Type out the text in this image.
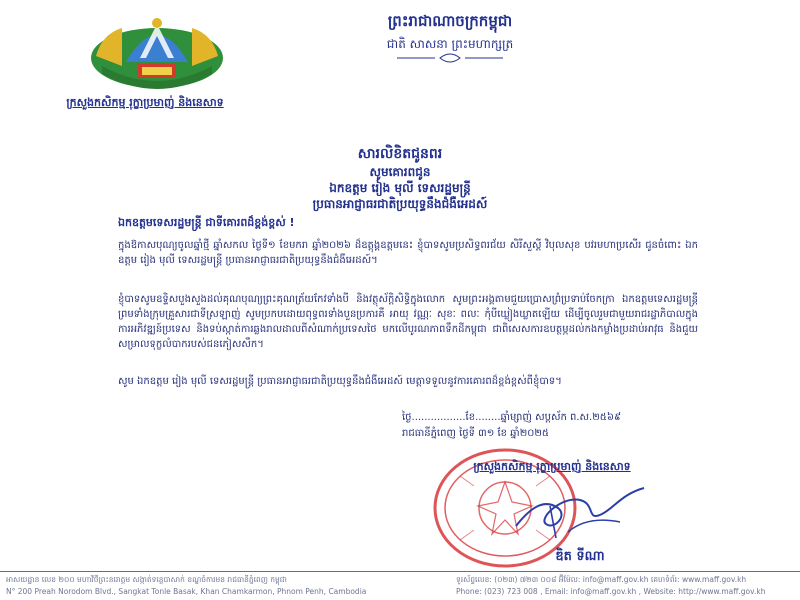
ព្រះរាជាណាចក្រកម្ពុជា
ជាតិ សាសនា ព្រះមហាក្សត្រ
ក្រសួងកសិកម្ម រុក្ខាប្រមាញ់ និងនេសាទ
សារលិខិតជូនពរ
សូមគោរពជូន
ឯកឧត្តម រៀង មុលី ទេសរដ្ឋមន្ត្រី
ប្រធានអាជ្ញាធរជាតិប្រយុទ្ធនឹងជំងឺអេដស៍
ឯកឧត្តមទេសរដ្ឋមន្ត្រី ជាទីគោរពដ៏ខ្ពង់ខ្ពស់ !
ក្នុងឱកាសបុណ្យចូលឆ្នាំថ្មី ឆ្នាំសកល ថ្ងៃទី១ ខែមករា ឆ្នាំ២០២៦ ដ៏ឧត្តុង្គឧត្តមនេះ ខ្ញុំបាទសូមប្រសិទ្ធពរជ័យ សិរីសួស្តី វិបុលសុខ បវរមហាប្រសើរ ជូនចំពោះ ឯកឧត្តម រៀង មុលី ទេសរដ្ឋមន្ត្រី ប្រធានអាជ្ញាធរជាតិប្រយុទ្ធនឹងជំងឺអេដស៍។
ខ្ញុំបាទសូមឧទ្ទិសបួងសួងដល់គុណបុណ្យព្រះគុណត្រ័យកែវទាំងបី និងវត្ថុស័ក្តិសិទ្ធិក្នុងលោក សូមព្រះអង្គតាមជួយប្រោសព្រំប្រទាប់ចែកក្រា ឯកឧត្តមទេសរដ្ឋមន្ត្រី ព្រមទាំងក្រុមគ្រួសារជាទីស្រឡាញ់ សូមប្រកបដោយពុទ្ធពរទាំងបួនប្រការគឺ អាយុ វណ្ណៈ សុខៈ ពលៈ កុំបីឃ្លៀងឃ្លាតឡើយ ដើម្បីចូលរួមជាមួយរាជរដ្ឋាភិបាលក្នុងការអភិវឌ្ឍន៍ប្រទេស និងទប់ស្កាត់ការឆ្លងរាលដាលពីសំណាក់ប្រទេសថៃ មកលើបូរណភាពទឹកដីកម្ពុជា ជាពិសេសការឧបត្ថម្ភដល់កងកម្លាំងប្រដាប់អាវុធ និងជួយសម្រាលទុក្ខលំបាករបស់ជនភៀសសឹក។
សូម ឯកឧត្តម រៀង មុលី ទេសរដ្ឋមន្ត្រី ប្រធានអាជ្ញាធរជាតិប្រយុទ្ធនឹងជំងឺអេដស៍ មេត្តាទទួលនូវការគោរពដ៏ខ្ពង់ខ្ពស់ពីខ្ញុំបាទ។
ថ្ងៃ.................ខែ........ឆ្នាំម្សាញ់ សប្តស័ក ព.ស.២៥៦៩
រាជធានីភ្នំពេញ ថ្ងៃទី ៣១ ខែ ឆ្នាំ២០២៥
ក្រសួងកសិកម្ម រុក្ខាប្រមាញ់ និងនេសាទ
ឌិត ទីណា
អាសយដ្ឋាន លេខ ២០០ មហាវិថីព្រះនរោត្តម សង្កាត់ទន្លេបាសាក់ ខណ្ឌចំការមន រាជធានីភ្នំពេញ កម្ពុជា
N° 200 Preah Norodom Blvd., Sangkat Tonle Basak, Khan Chamkarmon, Phnom Penh, Cambodia
ទូរស័ព្ទលេខ: (០២៣) ៧២៣ ០០៨ អ៊ីម៉ែល: info@maff.gov.kh គេហទំព័រ: www.maff.gov.kh
Phone: (023) 723 008 , Email: info@maff.gov.kh , Website: http://www.maff.gov.kh
